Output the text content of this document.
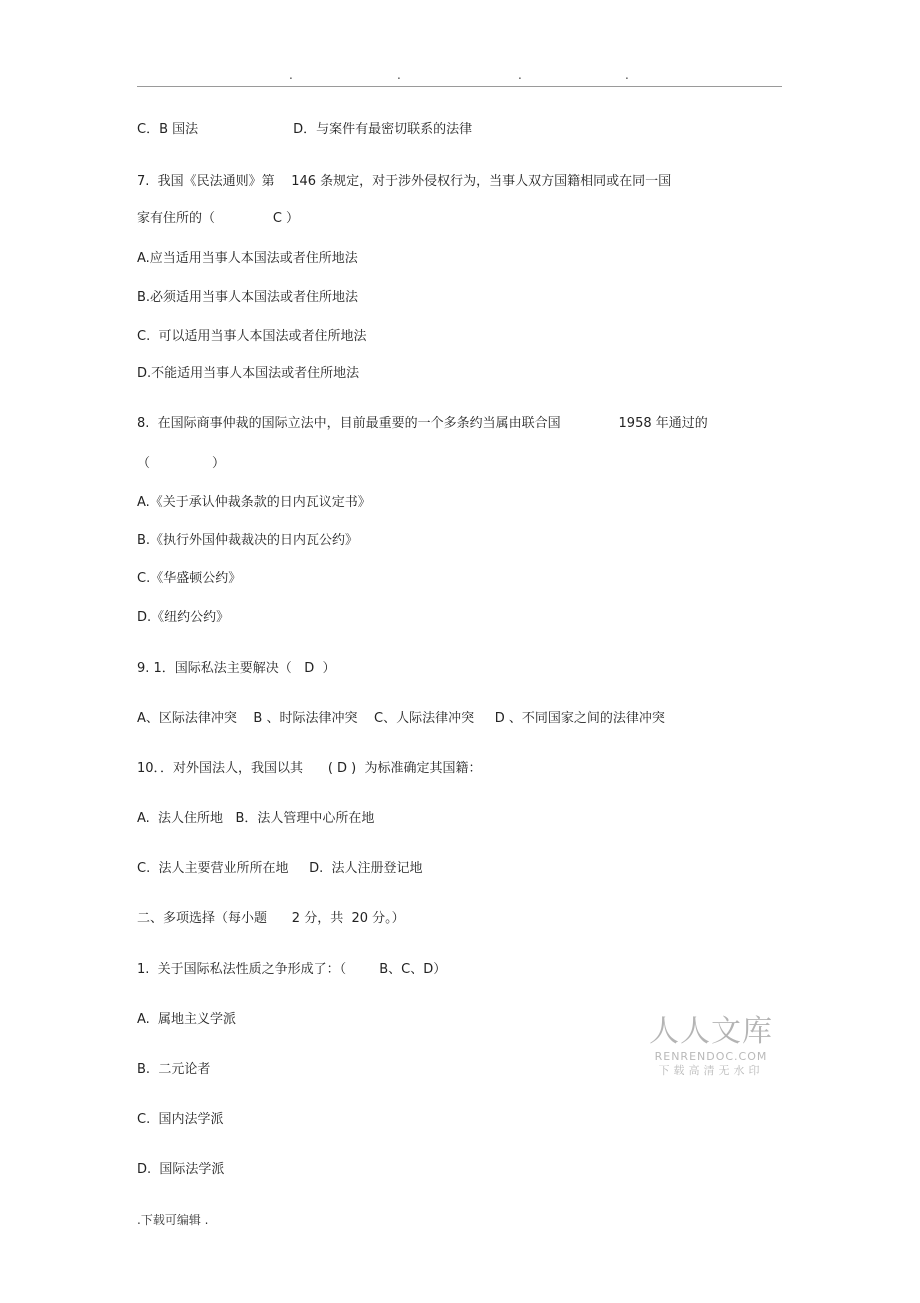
.	.	.	.
C．B 国法                       D．与案件有最密切联系的法律
7.  我国《民法通则》第    146 条规定，对于涉外侵权行为，当事人双方国籍相同或在同一国
家有住所的（              C ）
A.应当适用当事人本国法或者住所地法
B.必须适用当事人本国法或者住所地法
C.  可以适用当事人本国法或者住所地法
D.不能适用当事人本国法或者住所地法
8.  在国际商事仲裁的国际立法中，目前最重要的一个多条约当属由联合国              1958 年通过的
（               ）
A.《关于承认仲裁条款的日内瓦议定书》
B.《执行外国仲裁裁决的日内瓦公约》
C.《华盛顿公约》
D.《纽约公约》
9. 1．国际私法主要解决（   D  ）
A、区际法律冲突    B 、时际法律冲突    C、人际法律冲突     D 、不同国家之间的法律冲突
10．．对外国法人，我国以其      ( D )  为标准确定其国籍：
A.  法人住所地   B．法人管理中心所在地
C.  法人主要营业所所在地     D.  法人注册登记地
二、多项选择（每小题      2 分，共  20 分。）
1.  关于国际私法性质之争形成了：（        B、C、D）
A.  属地主义学派
B.  二元论者
C.  国内法学派
D.  国际法学派
人人文库
RENRENDOC.COM
下载高清无水印
.下载可编辑 .
